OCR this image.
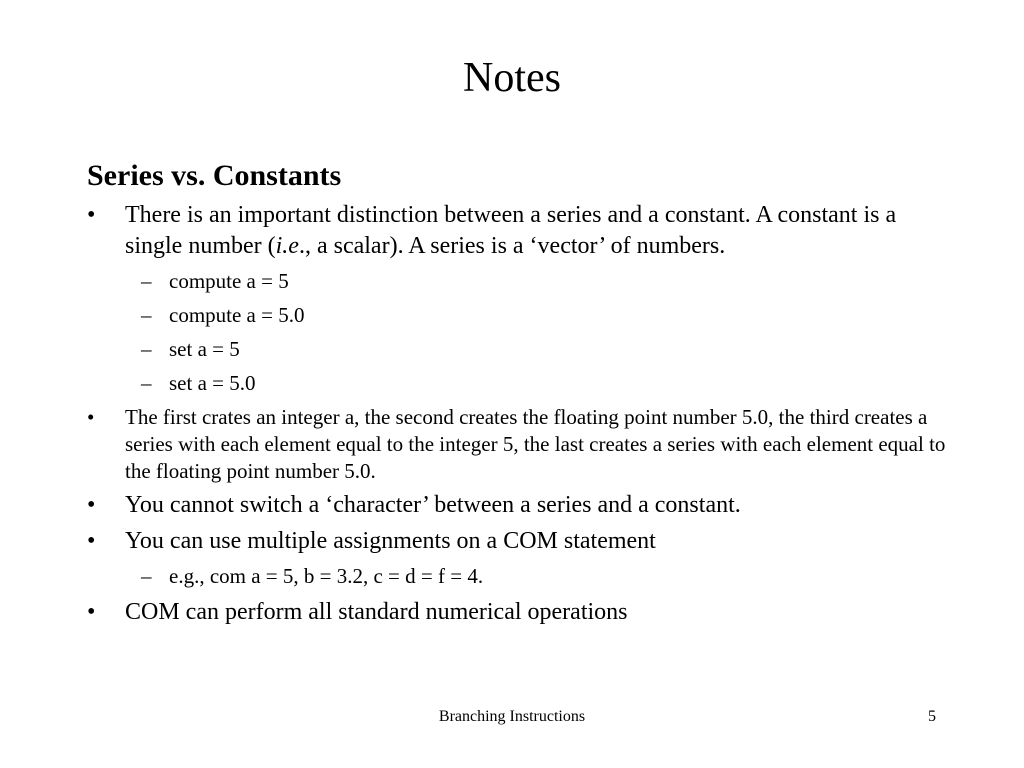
Notes
Series vs. Constants
• There is an important distinction between a series and a constant. A constant is a single number (i.e., a scalar). A series is a ‘vector’ of numbers.
– compute a = 5
– compute a = 5.0
– set a = 5
– set a = 5.0
• The first crates an integer a, the second creates the floating point number 5.0, the third creates a series with each element equal to the integer 5, the last creates a series with each element equal to the floating point number 5.0.
• You cannot switch a ‘character’ between a series and a constant.
• You can use multiple assignments on a COM statement
– e.g., com a = 5, b = 3.2, c = d = f = 4.
• COM can perform all standard numerical operations
Branching Instructions	5
